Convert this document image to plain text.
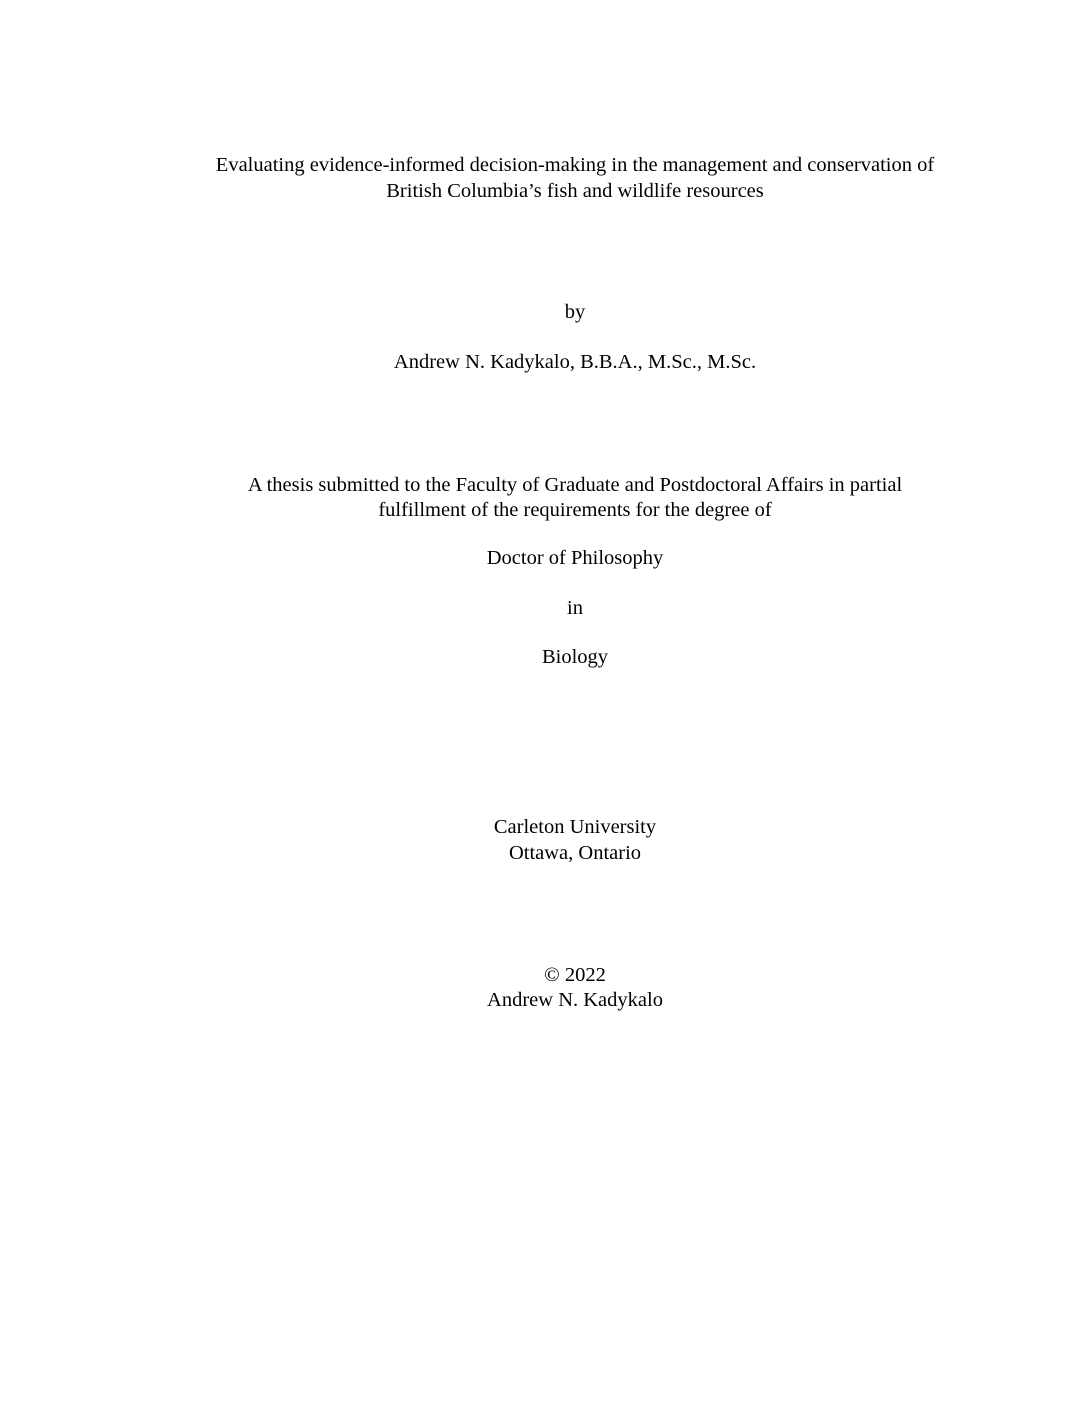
Evaluating evidence-informed decision-making in the management and conservation of
British Columbia’s fish and wildlife resources
by
Andrew N. Kadykalo, B.B.A., M.Sc., M.Sc.
A thesis submitted to the Faculty of Graduate and Postdoctoral Affairs in partial
fulfillment of the requirements for the degree of
Doctor of Philosophy
in
Biology
Carleton University
Ottawa, Ontario
© 2022
Andrew N. Kadykalo
